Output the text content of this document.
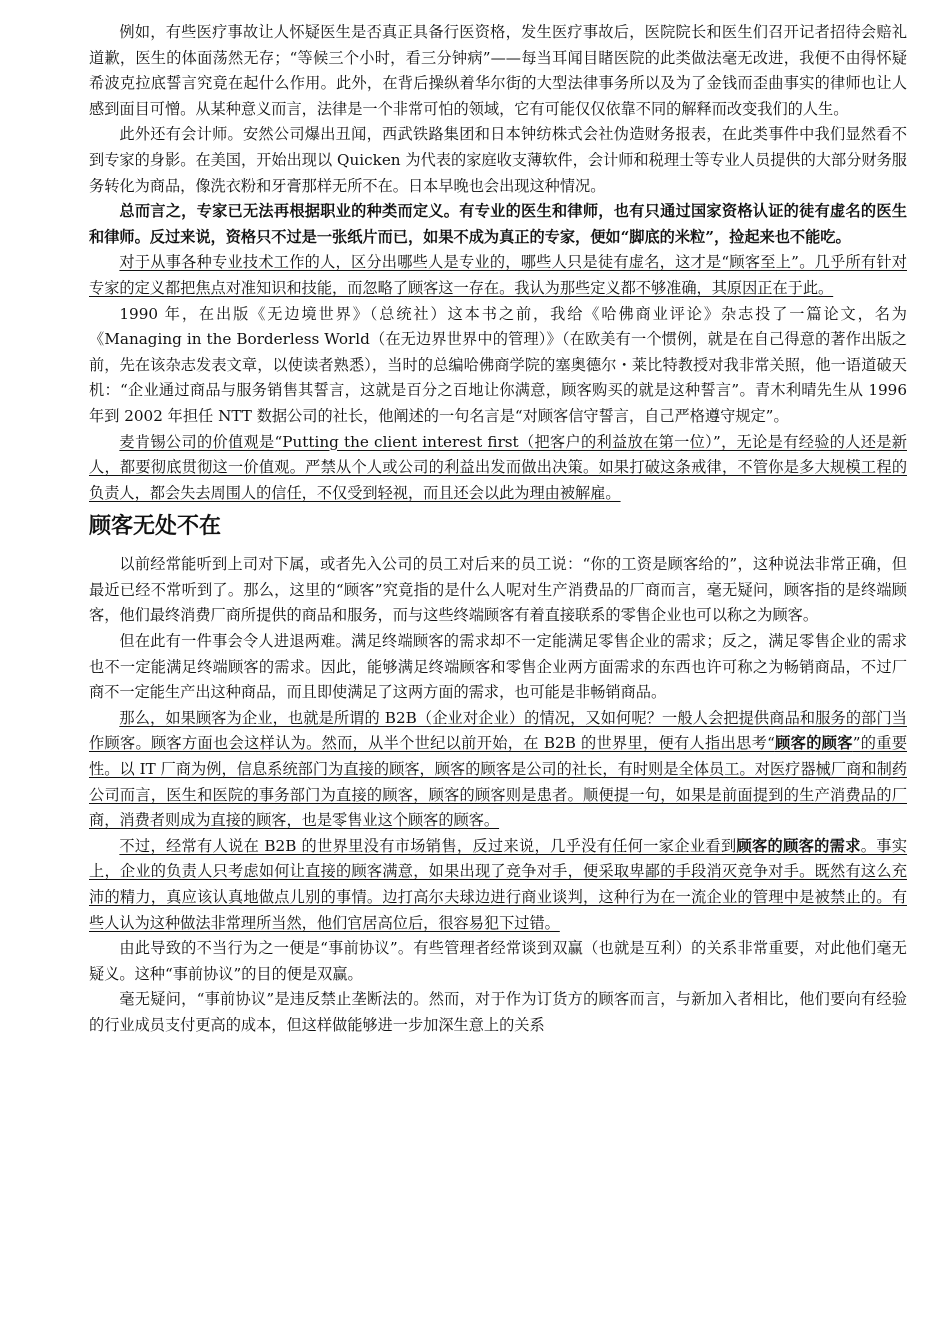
例如，有些医疗事故让人怀疑医生是否真正具备行医资格，发生医疗事故后，医院院长和医生们召开记者招待会赔礼道歉，医生的体面荡然无存；“等候三个小时，看三分钟病”——每当耳闻目睹医院的此类做法毫无改进，我便不由得怀疑希波克拉底誓言究竟在起什么作用。此外，在背后操纵着华尔街的大型法律事务所以及为了金钱而歪曲事实的律师也让人感到面目可憎。从某种意义而言，法律是一个非常可怕的领域，它有可能仅仅依靠不同的解释而改变我们的人生。

此外还有会计师。安然公司爆出丑闻，西武铁路集团和日本钟纺株式会社伪造财务报表，在此类事件中我们显然看不到专家的身影。在美国，开始出现以 Quicken 为代表的家庭收支薄软件，会计师和税理士等专业人员提供的大部分财务服务转化为商品，像洗衣粉和牙膏那样无所不在。日本早晚也会出现这种情况。

总而言之，专家已无法再根据职业的种类而定义。有专业的医生和律师，也有只通过国家资格认证的徒有虚名的医生和律师。反过来说，资格只不过是一张纸片而已，如果不成为真正的专家，便如“脚底的米粒”，捡起来也不能吃。

对于从事各种专业技术工作的人，区分出哪些人是专业的，哪些人只是徒有虚名，这才是“顾客至上”。几乎所有针对专家的定义都把焦点对准知识和技能，而忽略了顾客这一存在。我认为那些定义都不够准确，其原因正在于此。

1990 年，在出版《无边境世界》（总统社）这本书之前，我给《哈佛商业评论》杂志投了一篇论文，名为《Managing in the Borderless World（在无边界世界中的管理）》（在欧美有一个惯例，就是在自己得意的著作出版之前，先在该杂志发表文章，以使读者熟悉），当时的总编哈佛商学院的塞奥德尔・莱比特教授对我非常关照，他一语道破天机：“企业通过商品与服务销售其誓言，这就是百分之百地让你满意，顾客购买的就是这种誓言”。青木利晴先生从 1996 年到 2002 年担任 NTT 数据公司的社长，他阐述的一句名言是“对顾客信守誓言，自己严格遵守规定”。

麦肯锡公司的价值观是“Putting the client interest first（把客户的利益放在第一位）”，无论是有经验的人还是新人，都要彻底贯彻这一价值观。严禁从个人或公司的利益出发而做出决策。如果打破这条戒律，不管你是多大规模工程的负责人，都会失去周围人的信任，不仅受到轻视，而且还会以此为理由被解雇。

顾客无处不在

以前经常能听到上司对下属，或者先入公司的员工对后来的员工说：“你的工资是顾客给的”，这种说法非常正确，但最近已经不常听到了。那么，这里的“顾客”究竟指的是什么人呢对生产消费品的厂商而言，毫无疑问，顾客指的是终端顾客，他们最终消费厂商所提供的商品和服务，而与这些终端顾客有着直接联系的零售企业也可以称之为顾客。

但在此有一件事会令人进退两难。满足终端顾客的需求却不一定能满足零售企业的需求；反之，满足零售企业的需求也不一定能满足终端顾客的需求。因此，能够满足终端顾客和零售企业两方面需求的东西也许可称之为畅销商品，不过厂商不一定能生产出这种商品，而且即使满足了这两方面的需求，也可能是非畅销商品。

那么，如果顾客为企业，也就是所谓的 B2B（企业对企业）的情况，又如何呢？一般人会把提供商品和服务的部门当作顾客。顾客方面也会这样认为。然而，从半个世纪以前开始，在 B2B 的世界里，便有人指出思考“顾客的顾客”的重要性。以 IT 厂商为例，信息系统部门为直接的顾客，顾客的顾客是公司的社长，有时则是全体员工。对医疗器械厂商和制药公司而言，医生和医院的事务部门为直接的顾客，顾客的顾客则是患者。顺便提一句，如果是前面提到的生产消费品的厂商，消费者则成为直接的顾客，也是零售业这个顾客的顾客。

不过，经常有人说在 B2B 的世界里没有市场销售，反过来说，几乎没有任何一家企业看到顾客的顾客的需求。事实上，企业的负责人只考虑如何让直接的顾客满意，如果出现了竞争对手，便采取卑鄙的手段消灭竞争对手。既然有这么充沛的精力，真应该认真地做点儿别的事情。边打高尔夫球边进行商业谈判，这种行为在一流企业的管理中是被禁止的。有些人认为这种做法非常理所当然，他们官居高位后，很容易犯下过错。

由此导致的不当行为之一便是“事前协议”。有些管理者经常谈到双赢（也就是互利）的关系非常重要，对此他们毫无疑义。这种“事前协议”的目的便是双赢。

毫无疑问，“事前协议”是违反禁止垄断法的。然而，对于作为订货方的顾客而言，与新加入者相比，他们要向有经验的行业成员支付更高的成本，但这样做能够进一步加深生意上的关系
